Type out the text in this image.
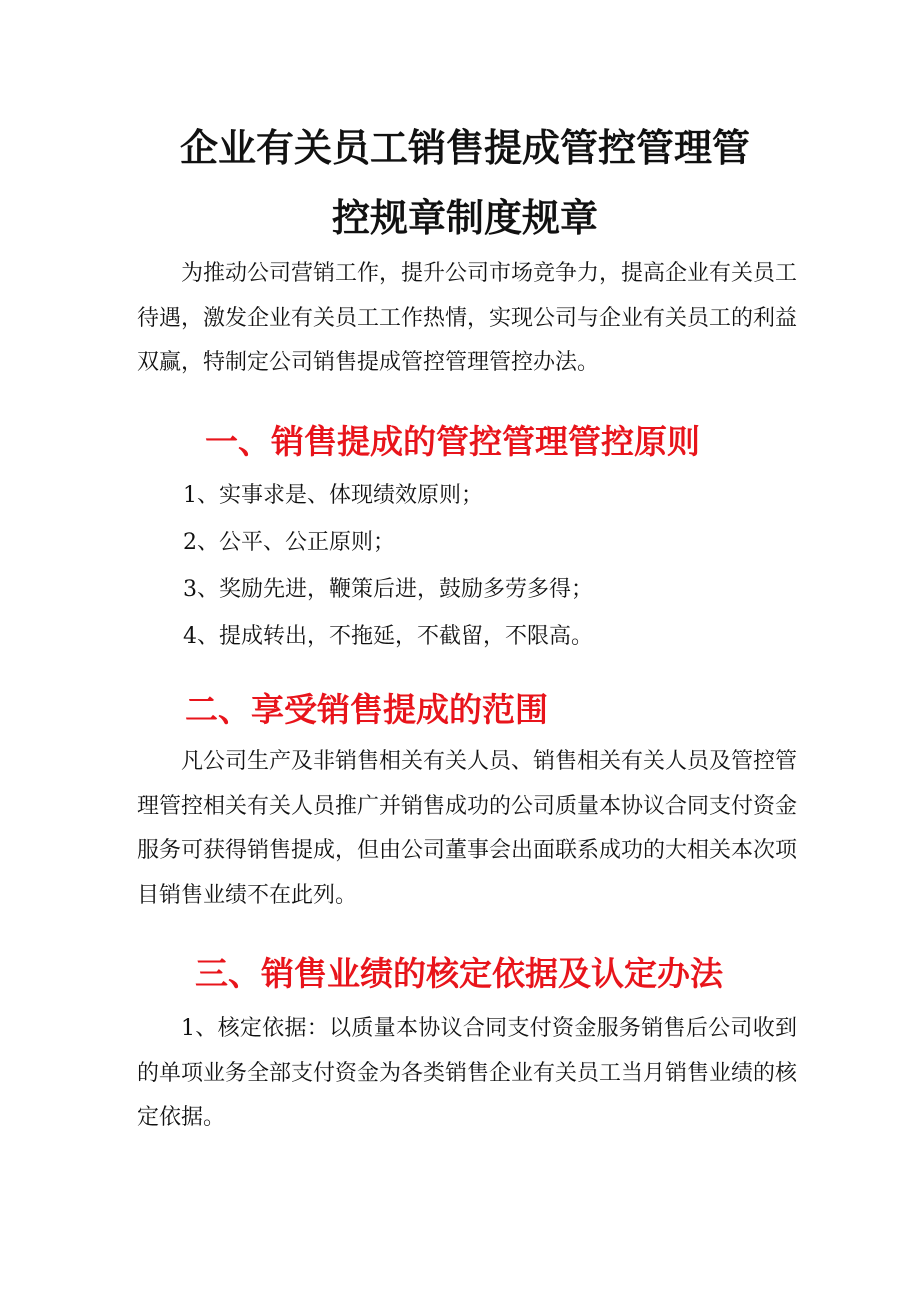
企业有关员工销售提成管控管理管
控规章制度规章

为推动公司营销工作，提升公司市场竞争力，提高企业有关员工待遇，激发企业有关员工工作热情，实现公司与企业有关员工的利益双赢，特制定公司销售提成管控管理管控办法。

一、销售提成的管控管理管控原则

1、实事求是、体现绩效原则；

2、公平、公正原则；

3、奖励先进，鞭策后进，鼓励多劳多得；

4、提成转出，不拖延，不截留，不限高。

二、享受销售提成的范围

凡公司生产及非销售相关有关人员、销售相关有关人员及管控管理管控相关有关人员推广并销售成功的公司质量本协议合同支付资金服务可获得销售提成，但由公司董事会出面联系成功的大相关本次项目销售业绩不在此列。

三、销售业绩的核定依据及认定办法

1、核定依据：以质量本协议合同支付资金服务销售后公司收到的单项业务全部支付资金为各类销售企业有关员工当月销售业绩的核定依据。
